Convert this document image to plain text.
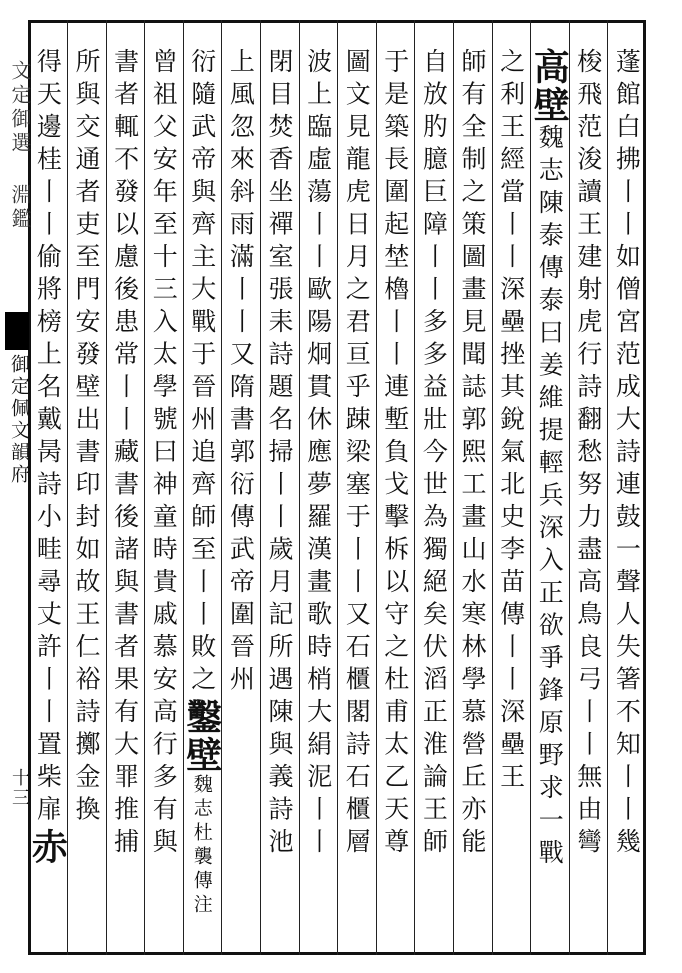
文定御選 淵鑑
御定佩文韻府
十三	蓬館白拂丨丨如僧宮范成大詩連鼓一聲人失箸不知丨丨幾
梭飛范浚讀王建射虎行詩翻愁努力盡高鳥良弓丨丨無由彎
高壁魏志陳泰傳泰曰姜維提輕兵深入正欲爭鋒原野求一戰
之利王經當丨丨深壘挫其銳氣北史李苗傳丨丨深壘王
師有全制之策圖畫見聞誌郭熙工畫山水寒林學慕營丘亦能
自放肑臆巨障丨丨多多益壯今世為獨絕矣伏滔正淮論王師
于是築長圍起埜櫓丨丨連塹負戈擊柝以守之杜甫太乙天尊
圖文見龍虎日月之君亘乎踈梁塞于丨丨又石櫃閣詩石櫃層
波上臨虛蕩丨丨歐陽炯貫休應夢羅漢畫歌時梢大絹泥丨丨
閉目焚香坐禪室張耒詩題名掃丨丨歲月記所遇陳與義詩池
上風忽來斜雨滿丨丨又隋書郭衍傳武帝圍晉州
衍隨武帝與齊主大戰于晉州追齊師至丨丨敗之鑿壁魏志杜襲傳注
曾祖父安年至十三入太學號曰神童時貴戚慕安高行多有與
書者輒不發以慮後患常丨丨藏書後諸與書者果有大罪推捕
所與交通者吏至門安發壁出書印封如故王仁裕詩擲金換
得天邊桂丨丨偷將榜上名戴昺詩小畦尋丈許丨丨置柴扉赤
